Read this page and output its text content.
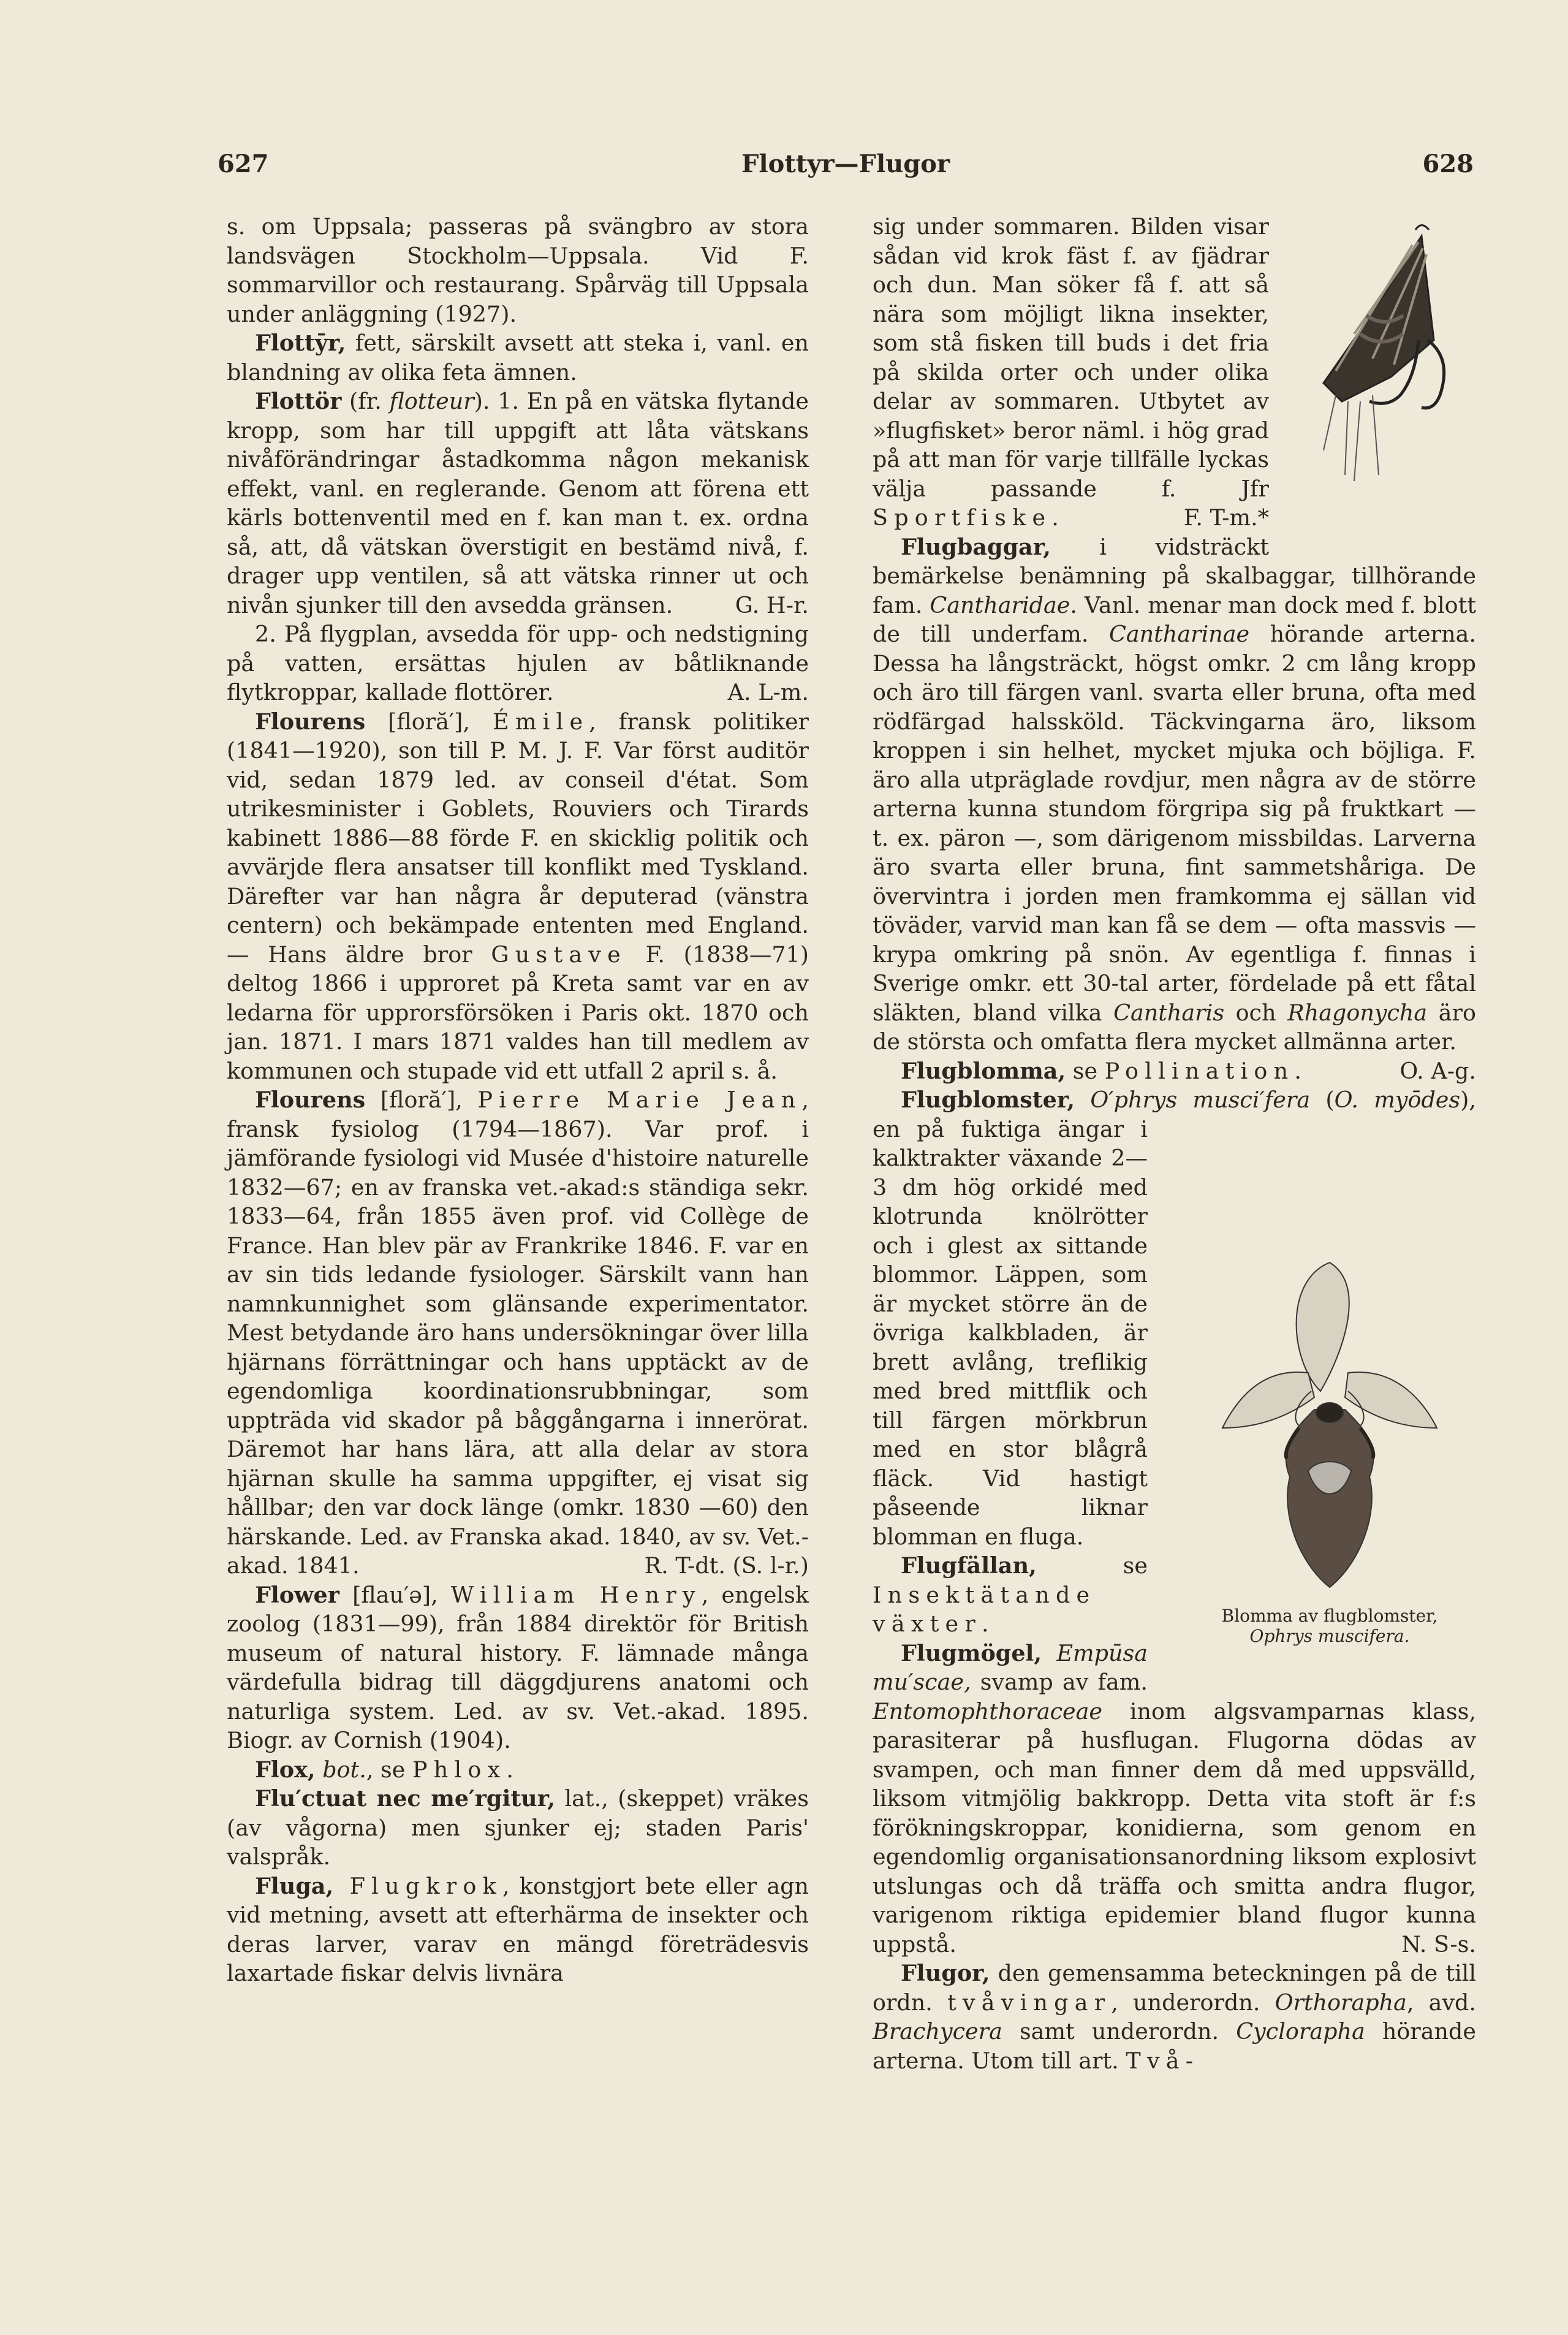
627	Flottyr—Flugor	628

s. om Uppsala; passeras på svängbro av stora landsvägen Stockholm—Uppsala. Vid F. sommarvillor och restaurang. Spårväg till Uppsala under anläggning (1927).

Flottȳr, fett, särskilt avsett att steka i, vanl. en blandning av olika feta ämnen.

Flottör (fr. flotteur). 1. En på en vätska flytande kropp, som har till uppgift att låta vätskans nivåförändringar åstadkomma någon mekanisk effekt, vanl. en reglerande. Genom att förena ett kärls bottenventil med en f. kan man t. ex. ordna så, att, då vätskan överstigit en bestämd nivå, f. drager upp ventilen, så att vätska rinner ut och nivån sjunker till den avsedda gränsen.	G. H-r.

2. På flygplan, avsedda för upp- och nedstigning på vatten, ersättas hjulen av båtliknande flytkroppar, kallade flottörer.	A. L-m.

Flourens [floră′], Émile, fransk politiker (1841—1920), son till P. M. J. F. Var först auditör vid, sedan 1879 led. av conseil d'état. Som utrikesminister i Goblets, Rouviers och Tirards kabinett 1886—88 förde F. en skicklig politik och avvärjde flera ansatser till konflikt med Tyskland. Därefter var han några år deputerad (vänstra centern) och bekämpade ententen med England. — Hans äldre bror Gustave F. (1838—71) deltog 1866 i upproret på Kreta samt var en av ledarna för upprorsförsöken i Paris okt. 1870 och jan. 1871. I mars 1871 valdes han till medlem av kommunen och stupade vid ett utfall 2 april s. å.

Flourens [floră′], Pierre Marie Jean, fransk fysiolog (1794—1867). Var prof. i jämförande fysiologi vid Musée d'histoire naturelle 1832—67; en av franska vet.-akad:s ständiga sekr. 1833—64, från 1855 även prof. vid Collège de France. Han blev pär av Frankrike 1846. F. var en av sin tids ledande fysiologer. Särskilt vann han namnkunnighet som glänsande experimentator. Mest betydande äro hans undersökningar över lilla hjärnans förrättningar och hans upptäckt av de egendomliga koordinationsrubbningar, som uppträda vid skador på båggångarna i innerörat. Däremot har hans lära, att alla delar av stora hjärnan skulle ha samma uppgifter, ej visat sig hållbar; den var dock länge (omkr. 1830 —60) den härskande. Led. av Franska akad. 1840, av sv. Vet.-akad. 1841.	R. T-dt. (S. l-r.)

Flower [flau′ə], William Henry, engelsk zoolog (1831—99), från 1884 direktör för British museum of natural history. F. lämnade många värdefulla bidrag till däggdjurens anatomi och naturliga system. Led. av sv. Vet.-akad. 1895. Biogr. av Cornish (1904).

Flox, bot., se Phlox.

Flu′ctuat nec me′rgitur, lat., (skeppet) vräkes (av vågorna) men sjunker ej; staden Paris' valspråk.

Fluga, Flugkrok, konstgjort bete eller agn vid metning, avsett att efterhärma de insekter och deras larver, varav en mängd företrädesvis laxartade fiskar delvis livnära

sig under sommaren. Bilden visar sådan vid krok fäst f. av fjädrar och dun. Man söker få f. att så nära som möjligt likna insekter, som stå fisken till buds i det fria på skilda orter och under olika delar av sommaren. Utbytet av »flugfisket» beror näml. i hög grad på att man för varje tillfälle lyckas välja passande f. Jfr Sportfiske.	F. T-m.*

Flugbaggar, i vidsträckt bemärkelse benämning på skalbaggar, tillhörande fam. Cantharidae. Vanl. menar man dock med f. blott de till underfam. Cantharinae hörande arterna. Dessa ha långsträckt, högst omkr. 2 cm lång kropp och äro till färgen vanl. svarta eller bruna, ofta med rödfärgad halssköld. Täckvingarna äro, liksom kroppen i sin helhet, mycket mjuka och böjliga. F. äro alla utpräglade rovdjur, men några av de större arterna kunna stundom förgripa sig på fruktkart — t. ex. päron —, som därigenom missbildas. Larverna äro svarta eller bruna, fint sammetshåriga. De övervintra i jorden men framkomma ej sällan vid töväder, varvid man kan få se dem — ofta massvis — krypa omkring på snön. Av egentliga f. finnas i Sverige omkr. ett 30-tal arter, fördelade på ett fåtal släkten, bland vilka Cantharis och Rhagonycha äro de största och omfatta flera mycket allmänna arter.
O. A-g.

Flugblomma, se Pollination.

Flugblomster, O′phrys musci′fera (O. myōdes
), en på fuktiga ängar i kalktrakter växande 2—3 dm hög orkidé med klotrunda knölrötter och i glest ax sittande blommor. Läppen, som är mycket större än de övriga kalkbladen, är brett avlång, treflikig med bred mittflik och till färgen mörkbrun med en stor blågrå fläck. Vid hastigt påseende liknar blomman en fluga.

Flugfällan, se Insektätande växter.

Flugmögel, Empūsa mu′scae, svamp av fam. Entomophthoraceae inom algsvamparnas klass, parasiterar på husflugan. Flugorna dödas av svampen, och man finner dem då med uppsvälld, liksom vitmjölig bakkropp. Detta vita stoft är f:s förökningskroppar, konidierna, som genom en egendomlig organisationsanordning liksom explosivt utslungas och då träffa och smitta andra flugor, varigenom riktiga epidemier bland flugor kunna uppstå.	N. S-s.

Flugor, den gemensamma beteckningen på de till ordn. tvåvingar, underordn. Orthorapha, avd. Brachycera samt underordn. Cyclorapha hörande arterna. Utom till art. Två-

Blomma av flugblomster,
Ophrys muscifera.
